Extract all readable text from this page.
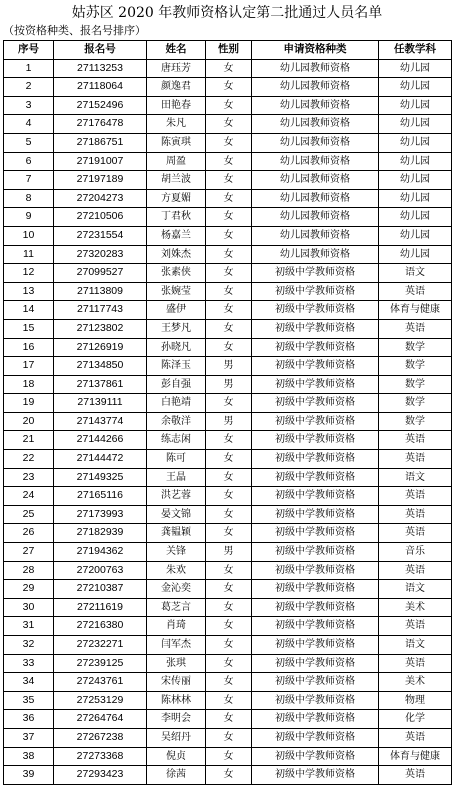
姑苏区 2020 年教师资格认定第二批通过人员名单
（按资格种类、报名号排序）
序号	报名号	姓名	性别	申请资格种类	任教学科
1	27113253	唐珏芳	女	幼儿园教师资格	幼儿园
2	27118064	颜逸君	女	幼儿园教师资格	幼儿园
3	27152496	田艳春	女	幼儿园教师资格	幼儿园
4	27176478	朱凡	女	幼儿园教师资格	幼儿园
5	27186751	陈寅琪	女	幼儿园教师资格	幼儿园
6	27191007	周盈	女	幼儿园教师资格	幼儿园
7	27197189	胡兰波	女	幼儿园教师资格	幼儿园
8	27204273	方夏媚	女	幼儿园教师资格	幼儿园
9	27210506	丁君秋	女	幼儿园教师资格	幼儿园
10	27231554	杨嘉兰	女	幼儿园教师资格	幼儿园
11	27320283	刘姝杰	女	幼儿园教师资格	幼儿园
12	27099527	张素侠	女	初级中学教师资格	语文
13	27113809	张婉莹	女	初级中学教师资格	英语
14	27117743	盛伊	女	初级中学教师资格	体育与健康
15	27123802	王梦凡	女	初级中学教师资格	英语
16	27126919	孙晓凡	女	初级中学教师资格	数学
17	27134850	陈泽玉	男	初级中学教师资格	数学
18	27137861	彭自强	男	初级中学教师资格	数学
19	27139111	白艳靖	女	初级中学教师资格	数学
20	27143774	余敬洋	男	初级中学教师资格	数学
21	27144266	练志闲	女	初级中学教师资格	英语
22	27144472	陈可	女	初级中学教师资格	英语
23	27149325	王晶	女	初级中学教师资格	语文
24	27165116	洪艺蓉	女	初级中学教师资格	英语
25	27173993	晏文锦	女	初级中学教师资格	英语
26	27182939	龚韫颖	女	初级中学教师资格	英语
27	27194362	关锋	男	初级中学教师资格	音乐
28	27200763	朱欢	女	初级中学教师资格	英语
29	27210387	金沁奕	女	初级中学教师资格	语文
30	27211619	葛芝言	女	初级中学教师资格	美术
31	27216380	肖琦	女	初级中学教师资格	英语
32	27232271	闫军杰	女	初级中学教师资格	语文
33	27239125	张琪	女	初级中学教师资格	英语
34	27243761	宋传丽	女	初级中学教师资格	美术
35	27253129	陈林林	女	初级中学教师资格	物理
36	27264764	李明会	女	初级中学教师资格	化学
37	27267238	吴绍丹	女	初级中学教师资格	英语
38	27273368	倪贞	女	初级中学教师资格	体育与健康
39	27293423	徐茜	女	初级中学教师资格	英语
